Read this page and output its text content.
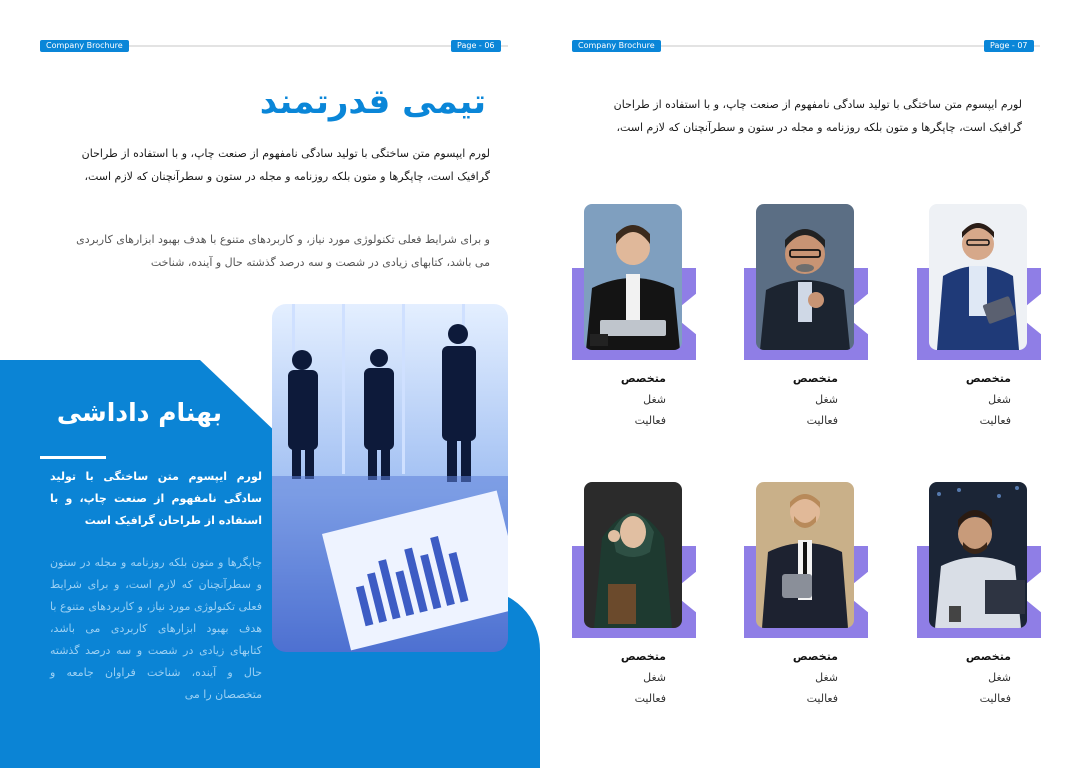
Company Brochure	Page - 06
تیمی قدرتمند
لورم ایپسوم متن ساختگی با تولید سادگی نامفهوم از صنعت چاپ، و با استفاده از طراحان گرافیک است، چاپگرها و متون بلکه روزنامه و مجله در ستون و سطرآنچنان که لازم است،
و برای شرایط فعلی تکنولوژی مورد نیاز، و کاربردهای متنوع با هدف بهبود ابزارهای کاربردی می باشد، کتابهای زیادی در شصت و سه درصد گذشته حال و آینده، شناخت
بهنام داداشی
لورم ایپسوم متن ساختگی با تولید سادگی نامفهوم از صنعت چاپ، و با استفاده از طراحان گرافیک است
چاپگرها و متون بلکه روزنامه و مجله در ستون و سطرآنچنان که لازم است، و برای شرایط فعلی تکنولوژی مورد نیاز، و کاربردهای متنوع با هدف بهبود ابزارهای کاربردی می باشد، کتابهای زیادی در شصت و سه درصد گذشته حال و آینده، شناخت فراوان جامعه و متخصصان را می
Company Brochure	Page - 07
لورم ایپسوم متن ساختگی با تولید سادگی نامفهوم از صنعت چاپ، و با استفاده از طراحان گرافیک است، چاپگرها و متون بلکه روزنامه و مجله در ستون و سطرآنچنان که لازم است،
متخصص
شغل
فعالیت
متخصص
شغل
فعالیت
متخصص
شغل
فعالیت
متخصص
شغل
فعالیت
متخصص
شغل
فعالیت
متخصص
شغل
فعالیت
